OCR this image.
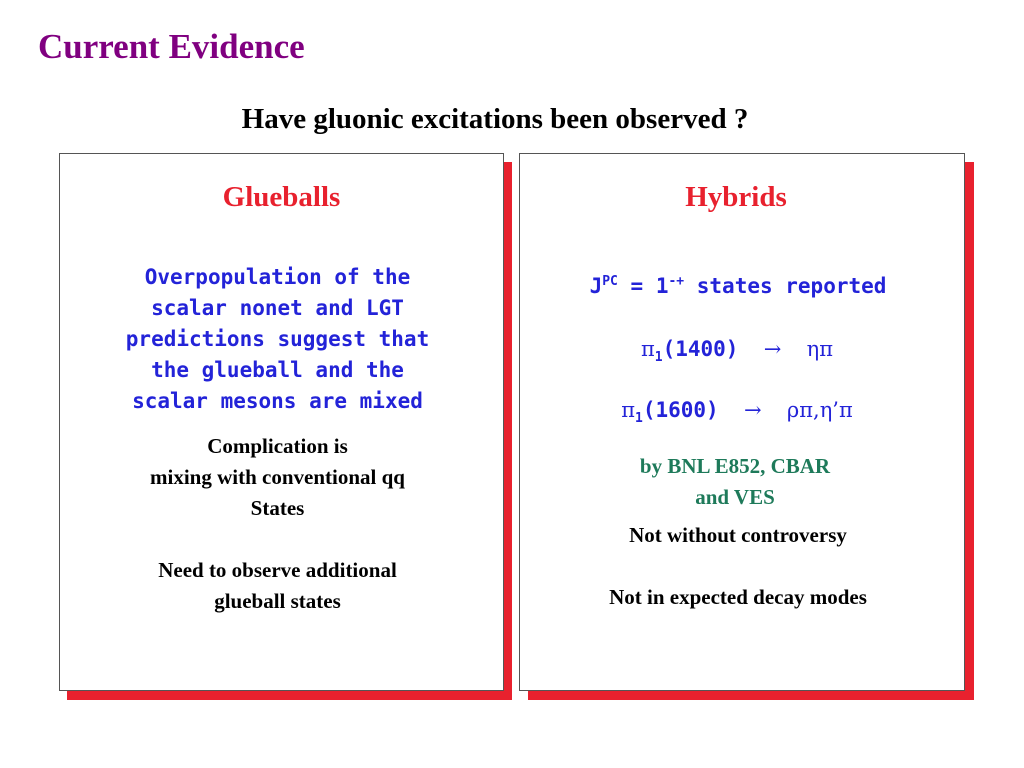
Current Evidence
Have gluonic excitations been observed ?
Glueballs
Overpopulation of the
scalar nonet and LGT
predictions suggest that
the glueball and the
scalar mesons are mixed
Complication is
mixing with conventional qq
States
Need to observe additional
glueball states
Hybrids
$J^{PC} = 1^{-+}$ states reported
$\pi_1(1400) \to \eta\pi$
$\pi_1(1600)$ → ρπ,η’π
by BNL E852, CBAR
and VES
Not without controversy
Not in expected decay modes
